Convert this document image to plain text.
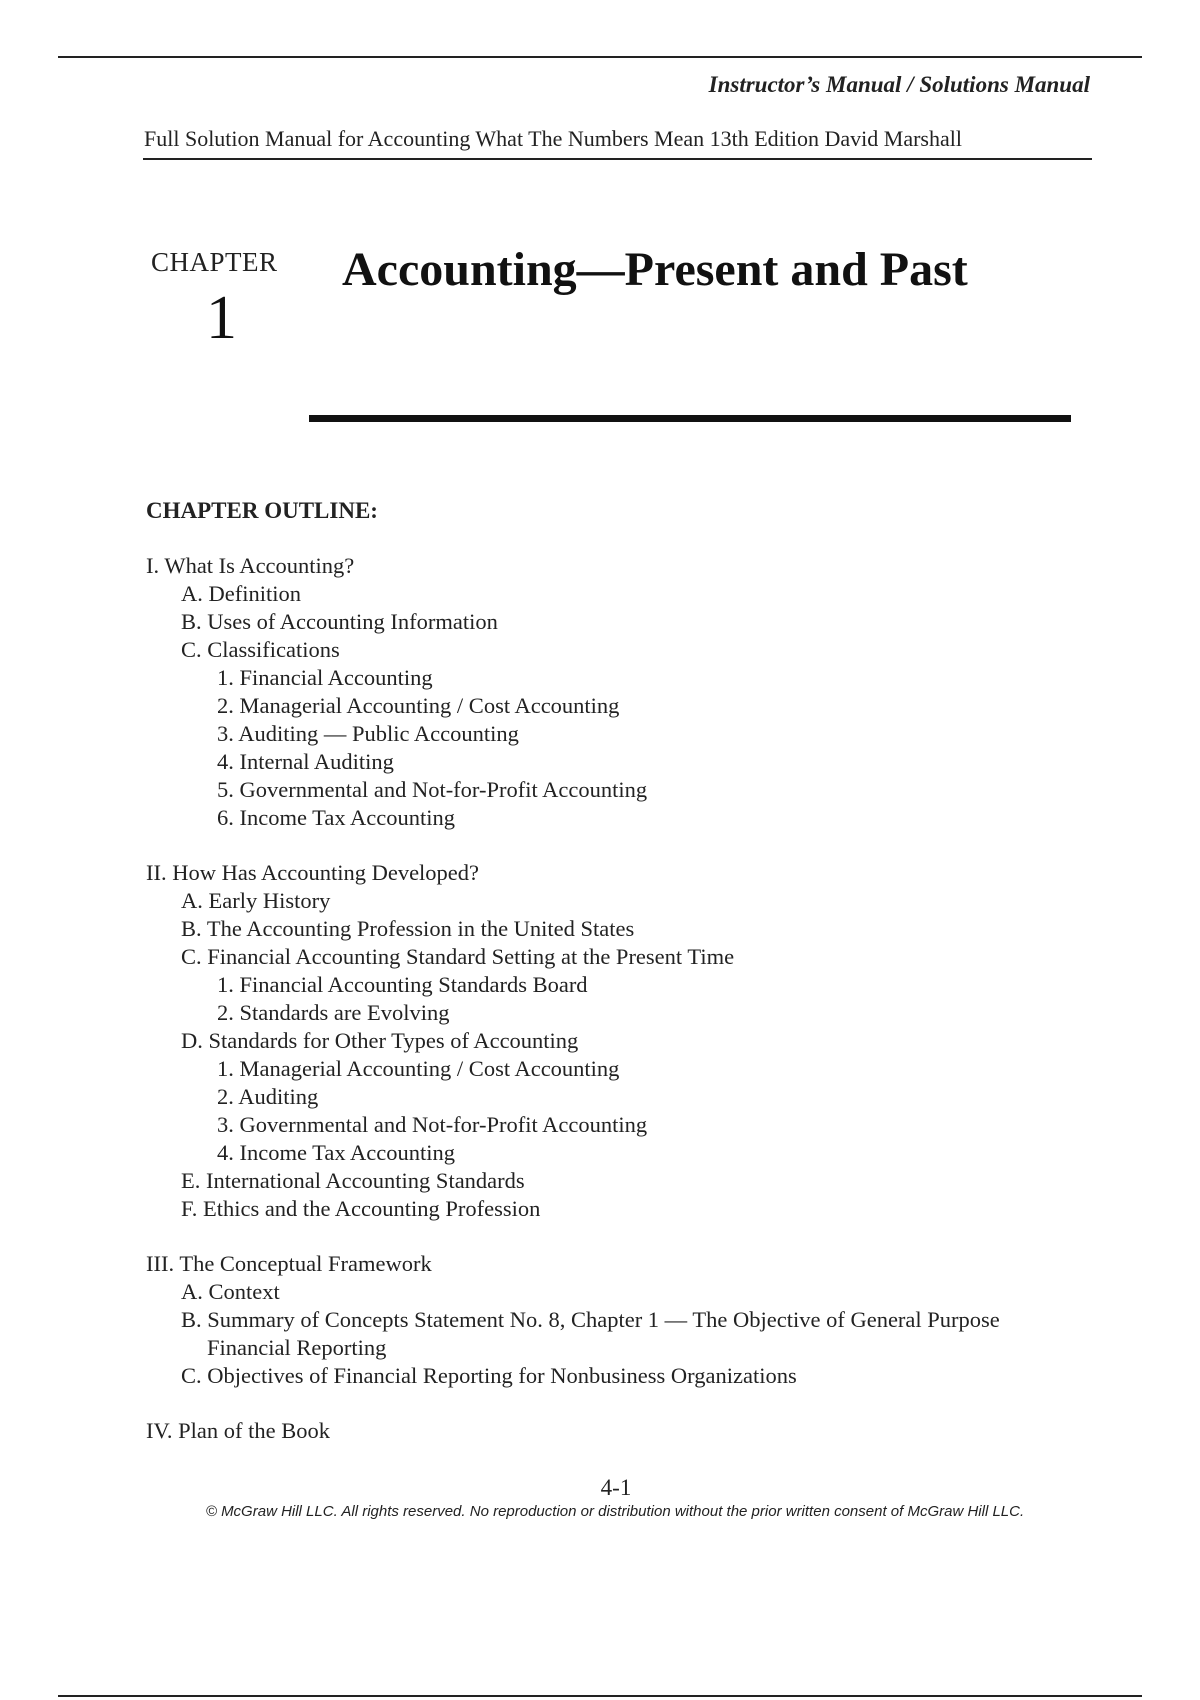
Instructor’s Manual / Solutions Manual
Full Solution Manual for Accounting What The Numbers Mean 13th Edition David Marshall
CHAPTER
1
Accounting—Present and Past
CHAPTER OUTLINE:
I. What Is Accounting?
A. Definition
B. Uses of Accounting Information
C. Classifications
1. Financial Accounting
2. Managerial Accounting / Cost Accounting
3. Auditing — Public Accounting
4. Internal Auditing
5. Governmental and Not-for-Profit Accounting
6. Income Tax Accounting
II. How Has Accounting Developed?
A. Early History
B. The Accounting Profession in the United States
C. Financial Accounting Standard Setting at the Present Time
1. Financial Accounting Standards Board
2. Standards are Evolving
D. Standards for Other Types of Accounting
1. Managerial Accounting / Cost Accounting
2. Auditing
3. Governmental and Not-for-Profit Accounting
4. Income Tax Accounting
E. International Accounting Standards
F. Ethics and the Accounting Profession
III. The Conceptual Framework
A. Context
B. Summary of Concepts Statement No. 8, Chapter 1 — The Objective of General Purpose
Financial Reporting
C. Objectives of Financial Reporting for Nonbusiness Organizations
IV. Plan of the Book
4-1
© McGraw Hill LLC. All rights reserved. No reproduction or distribution without the prior written consent of McGraw Hill LLC.
